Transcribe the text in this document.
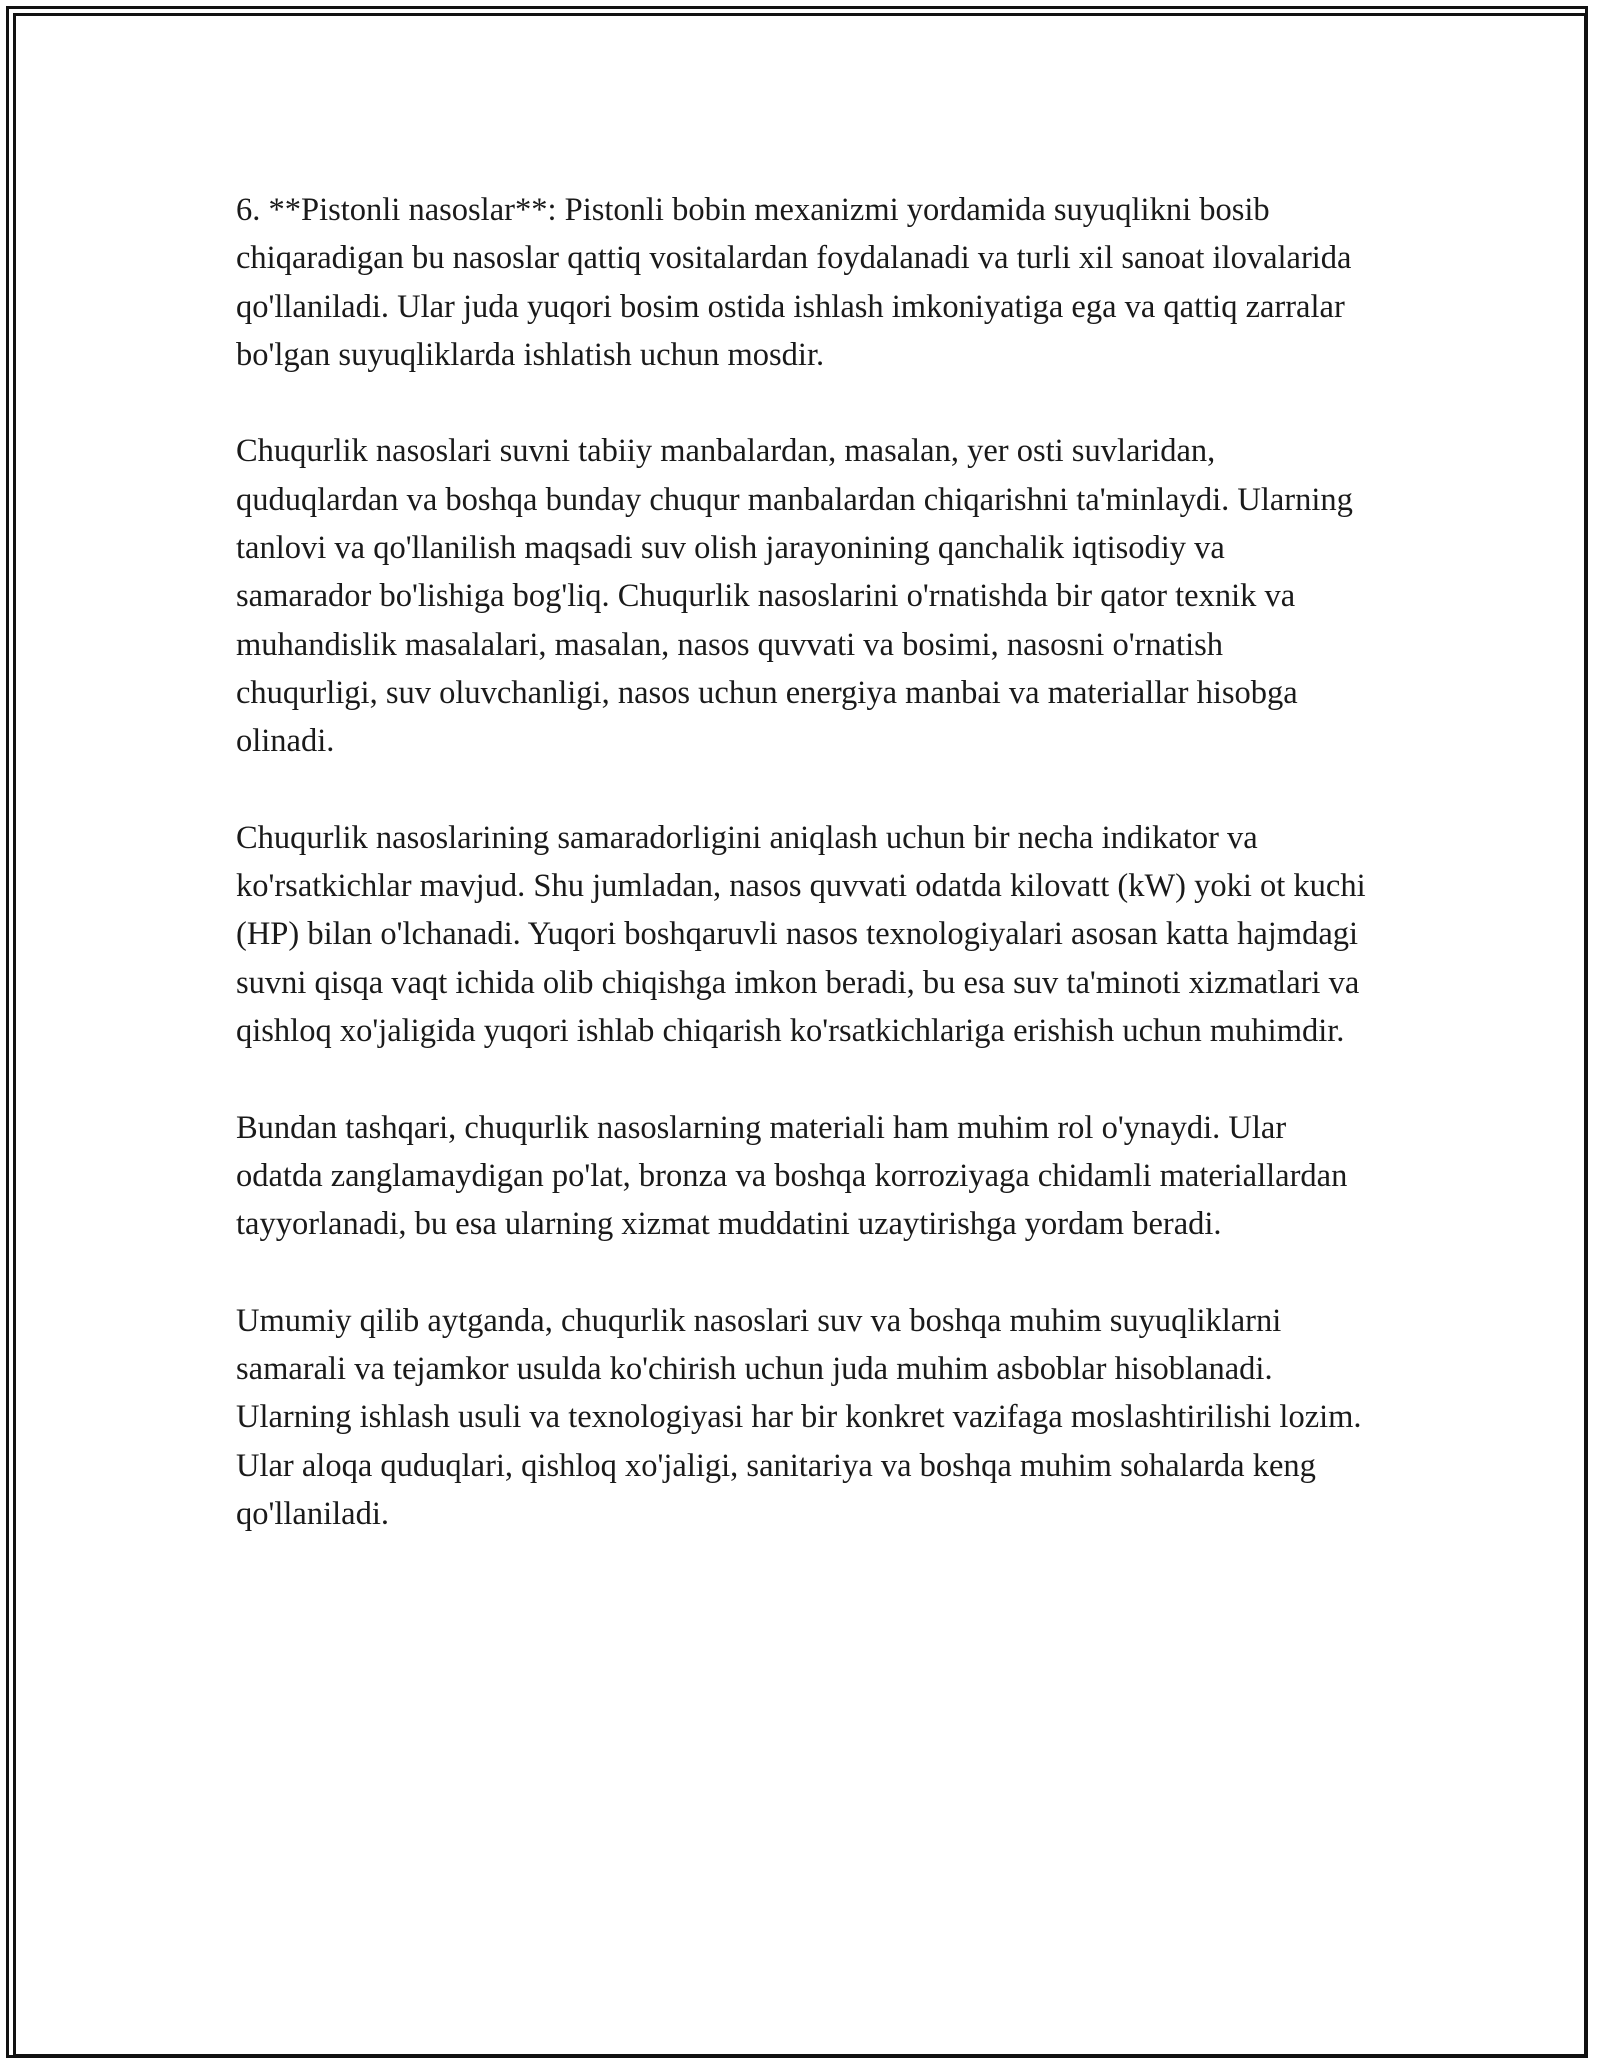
6. **Pistonli nasoslar**: Pistonli bobin mexanizmi yordamida suyuqlikni bosib chiqaradigan bu nasoslar qattiq vositalardan foydalanadi va turli xil sanoat ilovalarida qo'llaniladi. Ular juda yuqori bosim ostida ishlash imkoniyatiga ega va qattiq zarralar bo'lgan suyuqliklarda ishlatish uchun mosdir.

Chuqurlik nasoslari suvni tabiiy manbalardan, masalan, yer osti suvlaridan, quduqlardan va boshqa bunday chuqur manbalardan chiqarishni ta'minlaydi. Ularning tanlovi va qo'llanilish maqsadi suv olish jarayonining qanchalik iqtisodiy va samarador bo'lishiga bog'liq. Chuqurlik nasoslarini o'rnatishda bir qator texnik va muhandislik masalalari, masalan, nasos quvvati va bosimi, nasosni o'rnatish chuqurligi, suv oluvchanligi, nasos uchun energiya manbai va materiallar hisobga olinadi.

Chuqurlik nasoslarining samaradorligini aniqlash uchun bir necha indikator va ko'rsatkichlar mavjud. Shu jumladan, nasos quvvati odatda kilovatt (kW) yoki ot kuchi (HP) bilan o'lchanadi. Yuqori boshqaruvli nasos texnologiyalari asosan katta hajmdagi suvni qisqa vaqt ichida olib chiqishga imkon beradi, bu esa suv ta'minoti xizmatlari va qishloq xo'jaligida yuqori ishlab chiqarish ko'rsatkichlariga erishish uchun muhimdir.

Bundan tashqari, chuqurlik nasoslarning materiali ham muhim rol o'ynaydi. Ular odatda zanglamaydigan po'lat, bronza va boshqa korroziyaga chidamli materiallardan tayyorlanadi, bu esa ularning xizmat muddatini uzaytirishga yordam beradi.

Umumiy qilib aytganda, chuqurlik nasoslari suv va boshqa muhim suyuqliklarni samarali va tejamkor usulda ko'chirish uchun juda muhim asboblar hisoblanadi. Ularning ishlash usuli va texnologiyasi har bir konkret vazifaga moslashtirilishi lozim. Ular aloqa quduqlari, qishloq xo'jaligi, sanitariya va boshqa muhim sohalarda keng qo'llaniladi.
